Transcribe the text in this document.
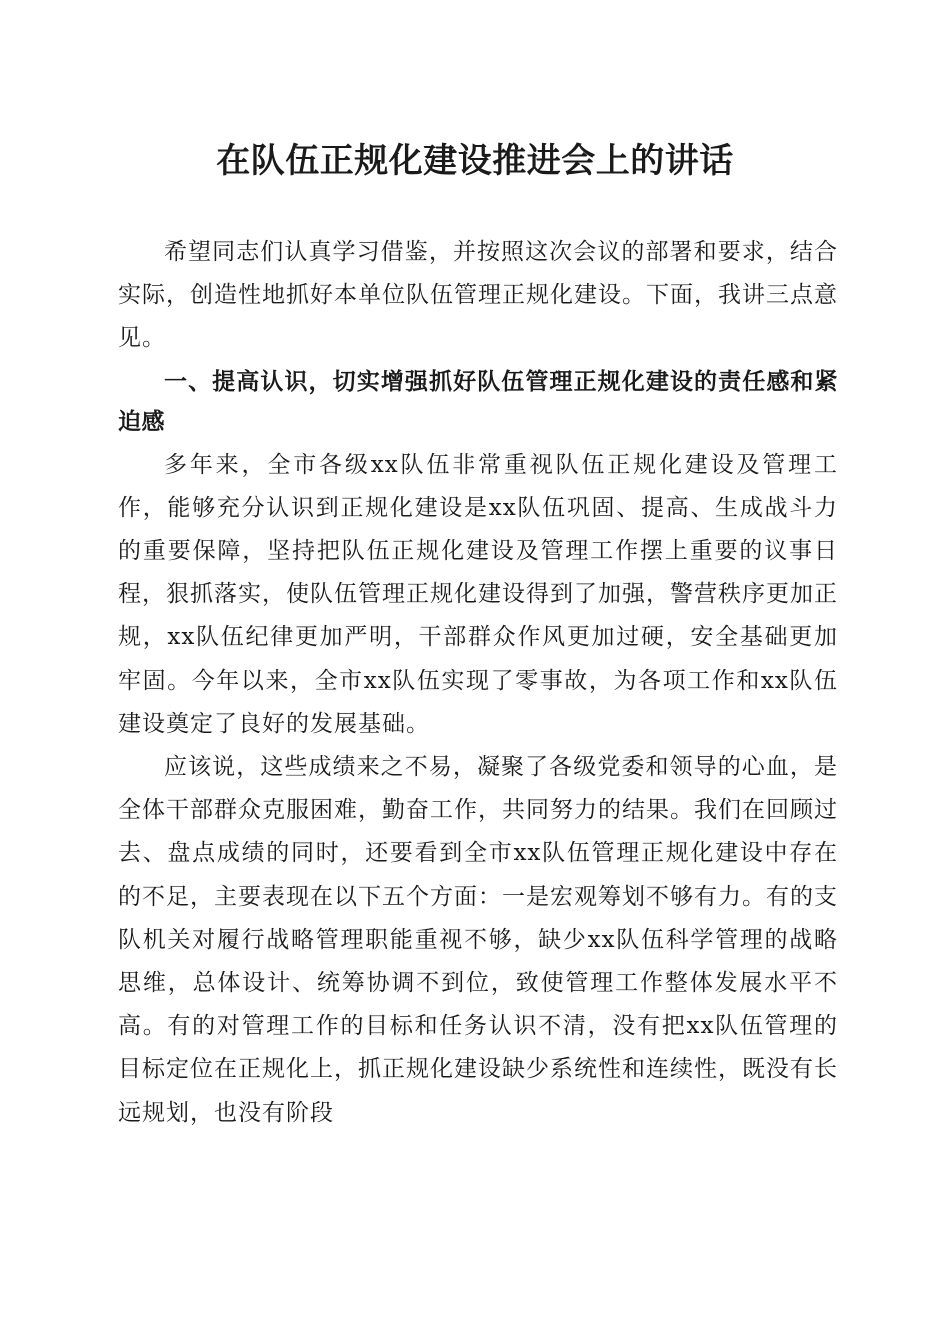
在队伍正规化建设推进会上的讲话

希望同志们认真学习借鉴，并按照这次会议的部署和要求，结合实际，创造性地抓好本单位队伍管理正规化建设。下面，我讲三点意见。

一、提高认识，切实增强抓好队伍管理正规化建设的责任感和紧迫感

多年来，全市各级xx队伍非常重视队伍正规化建设及管理工作，能够充分认识到正规化建设是xx队伍巩固、提高、生成战斗力的重要保障，坚持把队伍正规化建设及管理工作摆上重要的议事日程，狠抓落实，使队伍管理正规化建设得到了加强，警营秩序更加正规，xx队伍纪律更加严明，干部群众作风更加过硬，安全基础更加牢固。今年以来，全市xx队伍实现了零事故，为各项工作和xx队伍建设奠定了良好的发展基础。

应该说，这些成绩来之不易，凝聚了各级党委和领导的心血，是全体干部群众克服困难，勤奋工作，共同努力的结果。我们在回顾过去、盘点成绩的同时，还要看到全市xx队伍管理正规化建设中存在的不足，主要表现在以下五个方面：一是宏观筹划不够有力。有的支队机关对履行战略管理职能重视不够，缺少xx队伍科学管理的战略思维，总体设计、统筹协调不到位，致使管理工作整体发展水平不高。有的对管理工作的目标和任务认识不清，没有把xx队伍管理的目标定位在正规化上，抓正规化建设缺少系统性和连续性，既没有长远规划，也没有阶段
